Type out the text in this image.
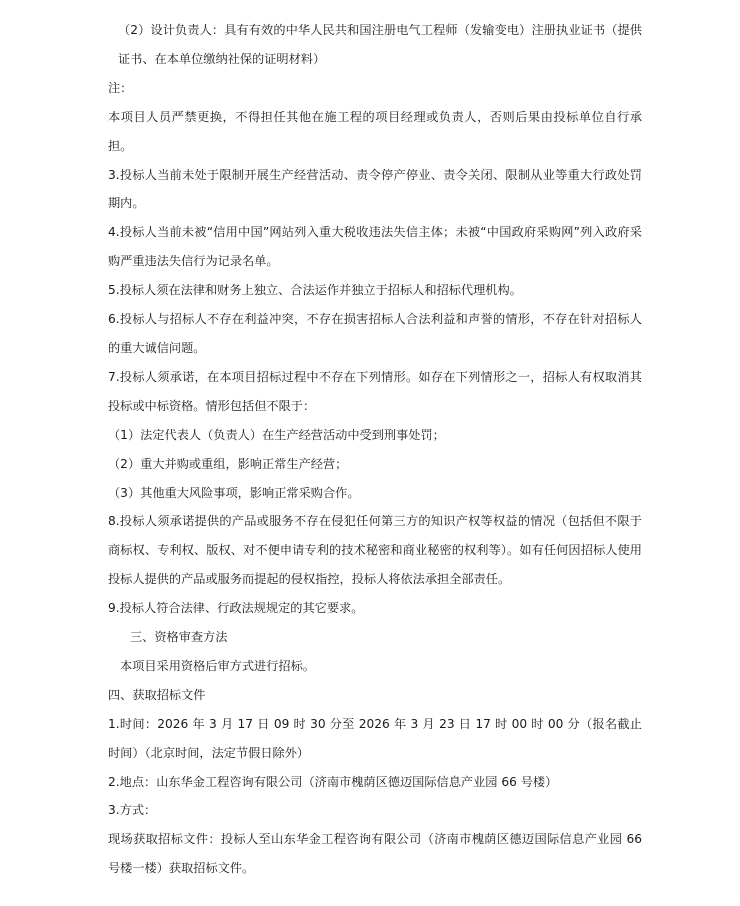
（2）设计负责人：具有有效的中华人民共和国注册电气工程师（发输变电）注册执业证书（提供证书、在本单位缴纳社保的证明材料）

注：

本项目人员严禁更换，不得担任其他在施工程的项目经理或负责人，否则后果由投标单位自行承担。

3.投标人当前未处于限制开展生产经营活动、责令停产停业、责令关闭、限制从业等重大行政处罚期内。

4.投标人当前未被“信用中国”网站列入重大税收违法失信主体；未被“中国政府采购网”列入政府采购严重违法失信行为记录名单。

5.投标人须在法律和财务上独立、合法运作并独立于招标人和招标代理机构。

6.投标人与招标人不存在利益冲突，不存在损害招标人合法利益和声誉的情形，不存在针对招标人的重大诚信问题。

7.投标人须承诺，在本项目招标过程中不存在下列情形。如存在下列情形之一，招标人有权取消其投标或中标资格。情形包括但不限于：

（1）法定代表人（负责人）在生产经营活动中受到刑事处罚；

（2）重大并购或重组，影响正常生产经营；

（3）其他重大风险事项，影响正常采购合作。

8.投标人须承诺提供的产品或服务不存在侵犯任何第三方的知识产权等权益的情况（包括但不限于商标权、专利权、版权、对不便申请专利的技术秘密和商业秘密的权利等）。如有任何因招标人使用投标人提供的产品或服务而提起的侵权指控，投标人将依法承担全部责任。

9.投标人符合法律、行政法规规定的其它要求。

三、资格审查方法

本项目采用资格后审方式进行招标。

四、获取招标文件

1.时间：2026 年 3 月 17 日 09 时 30 分至 2026 年 3 月 23 日 17 时 00 时 00 分（报名截止时间）（北京时间，法定节假日除外）

2.地点：山东华金工程咨询有限公司（济南市槐荫区德迈国际信息产业园 66 号楼）

3.方式：

现场获取招标文件：投标人至山东华金工程咨询有限公司（济南市槐荫区德迈国际信息产业园 66 号楼一楼）获取招标文件。
